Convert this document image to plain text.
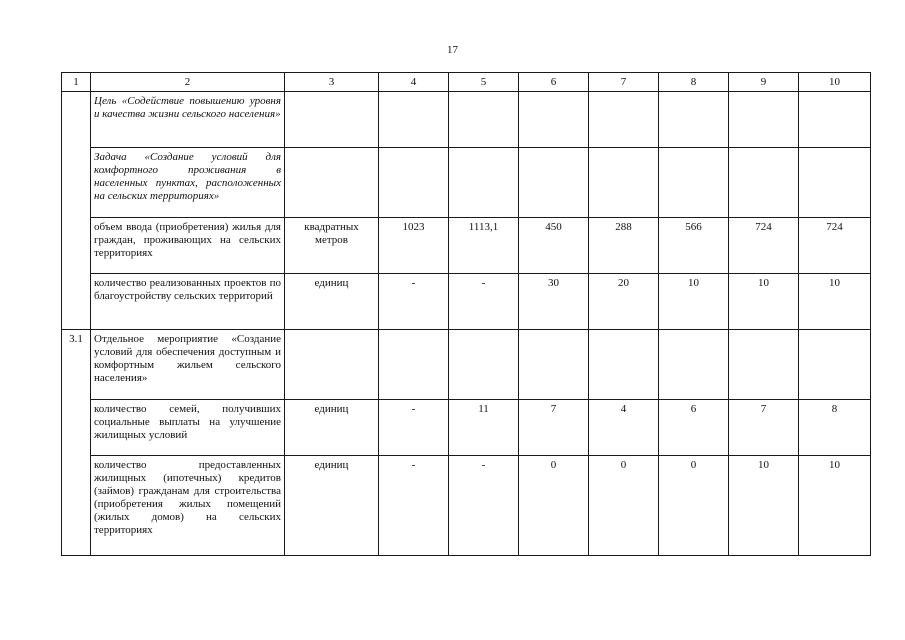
17
1	2	3	4	5	6	7	8	9	10
	Цель «Содействие повышению уровня и качества жизни сельского населения»								
	Задача «Создание условий для комфортного проживания в населенных пунктах, расположенных на сельских территориях»								
	объем ввода (приобретения) жилья для граждан, проживающих на сельских территориях	квадратных метров	1023	1113,1	450	288	566	724	724
	количество реализованных проектов по благоустройству сельских территорий	единиц	-	-	30	20	10	10	10
3.1	Отдельное мероприятие «Создание условий для обеспечения доступным и комфортным жильем сельского населения»								
	количество семей, получивших социальные выплаты на улучшение жилищных условий	единиц	-	11	7	4	6	7	8
	количество предоставленных жилищных (ипотечных) кредитов (займов) гражданам для строительства (приобретения жилых помещений (жилых домов) на сельских территориях	единиц	-	-	0	0	0	10	10
